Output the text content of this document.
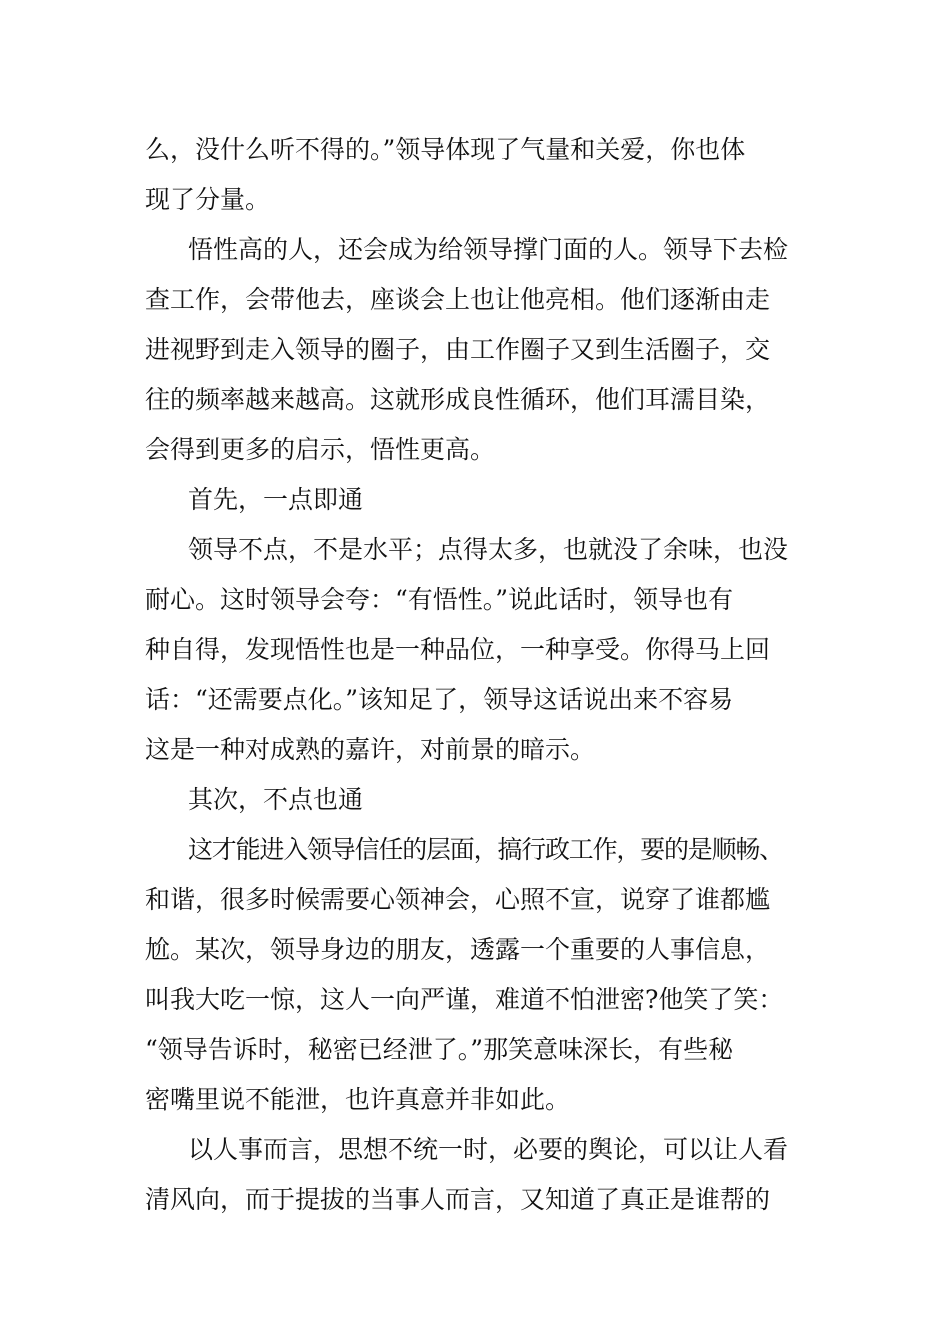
么，没什么听不得的。”领导体现了气量和关爱，你也体
现了分量。
悟性高的人，还会成为给领导撑门面的人。领导下去检
查工作，会带他去，座谈会上也让他亮相。他们逐渐由走
进视野到走入领导的圈子，由工作圈子又到生活圈子，交
往的频率越来越高。这就形成良性循环，他们耳濡目染，
会得到更多的启示，悟性更高。
首先，一点即通
领导不点，不是水平；点得太多，也就没了余味，也没
耐心。这时领导会夸：“有悟性。”说此话时，领导也有
种自得，发现悟性也是一种品位，一种享受。你得马上回
话：“还需要点化。”该知足了，领导这话说出来不容易
这是一种对成熟的嘉许，对前景的暗示。
其次，不点也通
这才能进入领导信任的层面，搞行政工作，要的是顺畅、
和谐，很多时候需要心领神会，心照不宣，说穿了谁都尴
尬。某次，领导身边的朋友，透露一个重要的人事信息，
叫我大吃一惊，这人一向严谨，难道不怕泄密?他笑了笑：
“领导告诉时，秘密已经泄了。”那笑意味深长，有些秘
密嘴里说不能泄，也许真意并非如此。
以人事而言，思想不统一时，必要的舆论，可以让人看
清风向，而于提拔的当事人而言，又知道了真正是谁帮的
